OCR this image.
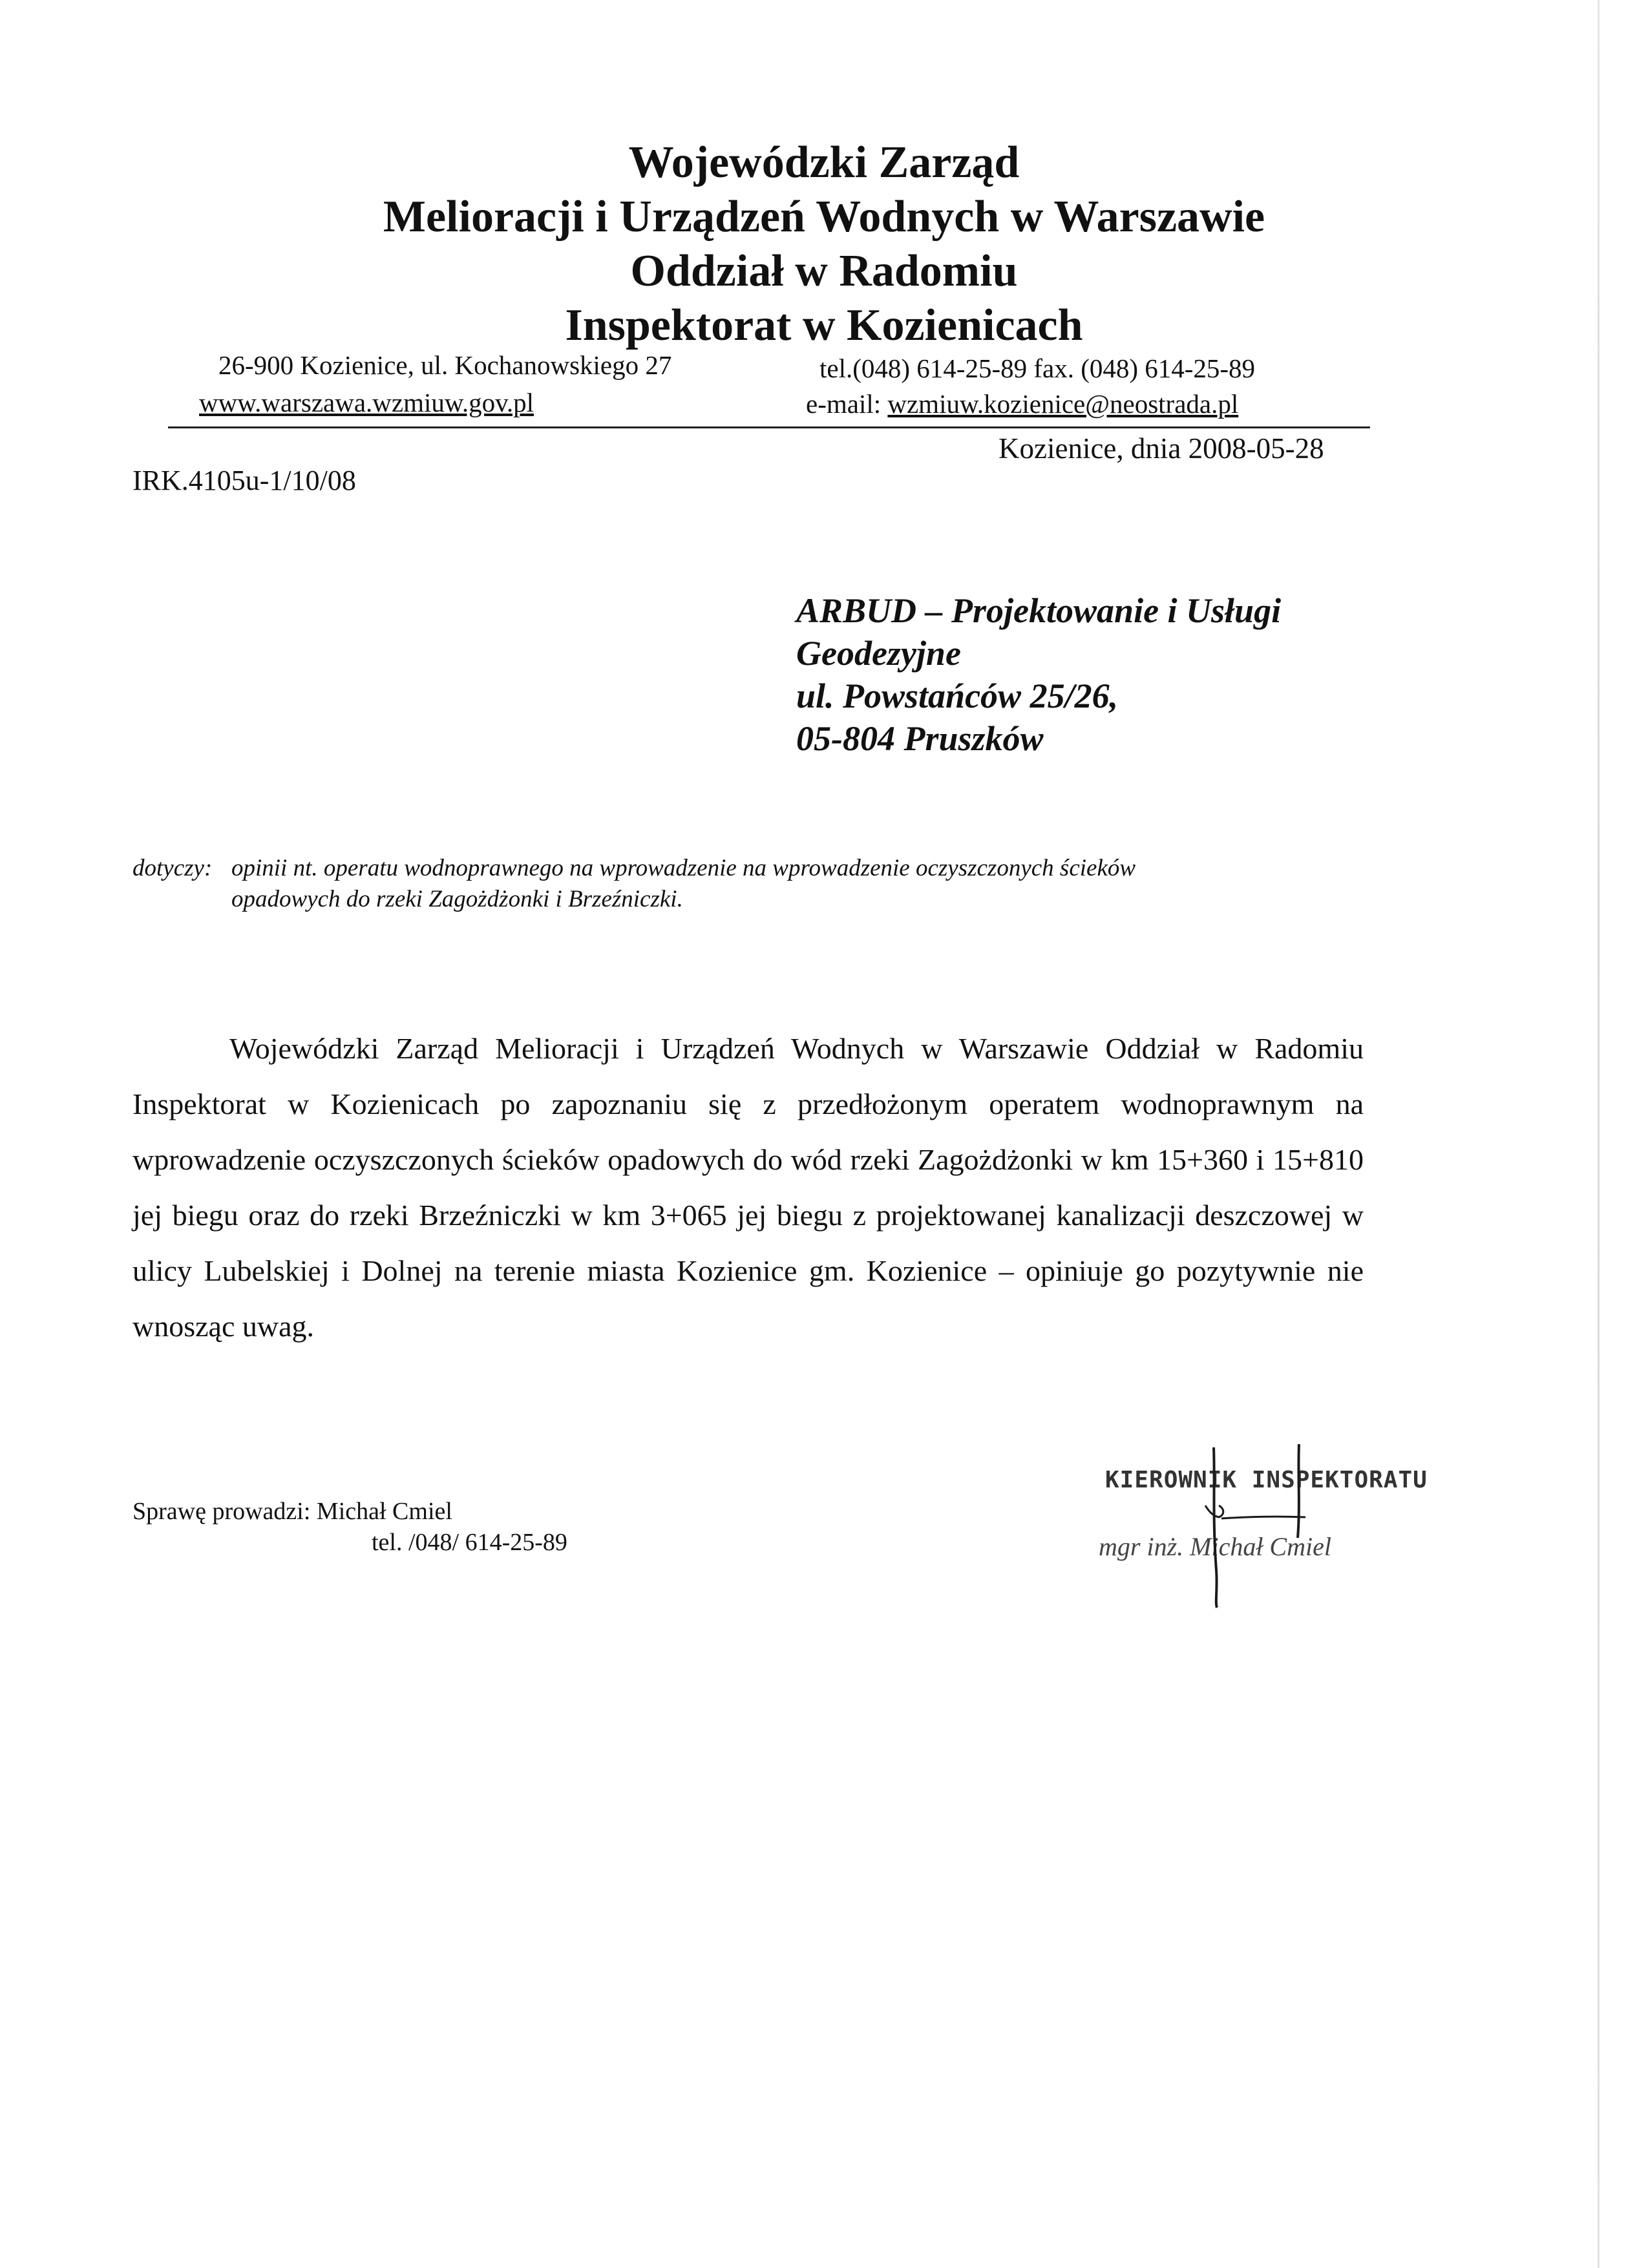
Wojewódzki Zarząd
Melioracji i Urządzeń Wodnych w Warszawie
Oddział w Radomiu
Inspektorat w Kozienicach
26-900 Kozienice, ul. Kochanowskiego 27	tel.(048) 614-25-89 fax. (048) 614-25-89
www.warszawa.wzmiuw.gov.pl	e-mail: wzmiuw.kozienice@neostrada.pl
Kozienice, dnia 2008-05-28
IRK.4105u-1/10/08
ARBUD – Projektowanie i Usługi
Geodezyjne
ul. Powstańców 25/26,
05-804 Pruszków
dotyczy: opinii nt. operatu wodnoprawnego na wprowadzenie na wprowadzenie oczyszczonych ścieków
opadowych do rzeki Zagożdżonki i Brzeźniczki.
Wojewódzki Zarząd Melioracji i Urządzeń Wodnych w Warszawie Oddział w Radomiu Inspektorat w Kozienicach po zapoznaniu się z przedłożonym operatem wodnoprawnym na wprowadzenie oczyszczonych ścieków opadowych do wód rzeki Zagożdżonki w km 15+360 i 15+810 jej biegu oraz do rzeki Brzeźniczki w km 3+065 jej biegu z projektowanej kanalizacji deszczowej w ulicy Lubelskiej i Dolnej na terenie miasta Kozienice gm. Kozienice – opiniuje go pozytywnie nie wnosząc uwag.
Sprawę prowadzi: Michał Cmiel
tel. /048/ 614-25-89
KIEROWNIK INSPEKTORATU
mgr inż. Michał Cmiel
